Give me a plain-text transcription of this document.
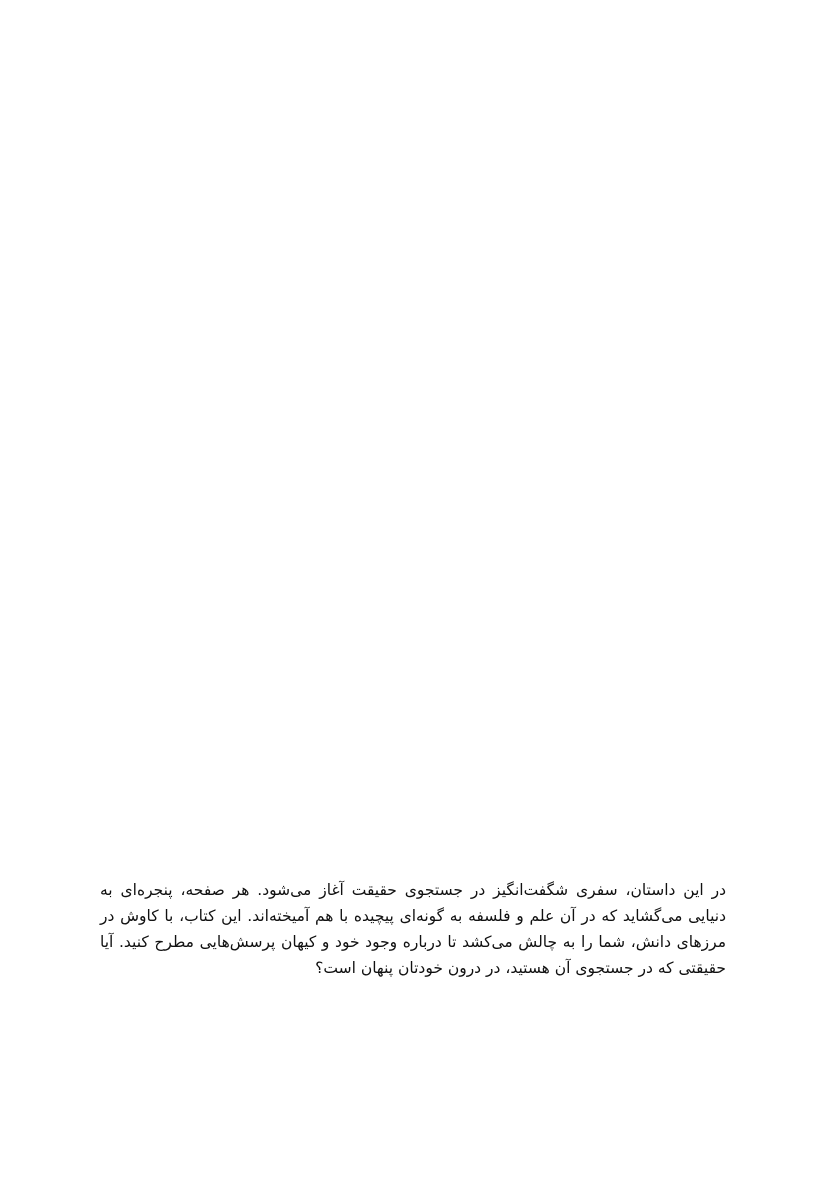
در این داستان، سفری شگفت‌انگیز در جستجوی حقیقت آغاز می‌شود. هر صفحه، پنجره‌ای به دنیایی می‌گشاید که در آن علم و فلسفه به گونه‌ای پیچیده با هم آمیخته‌اند. این کتاب، با کاوش در مرزهای دانش، شما را به چالش می‌کشد تا درباره وجود خود و کیهان پرسش‌هایی مطرح کنید. آیا حقیقتی که در جستجوی آن هستید، در درون خودتان پنهان است؟
